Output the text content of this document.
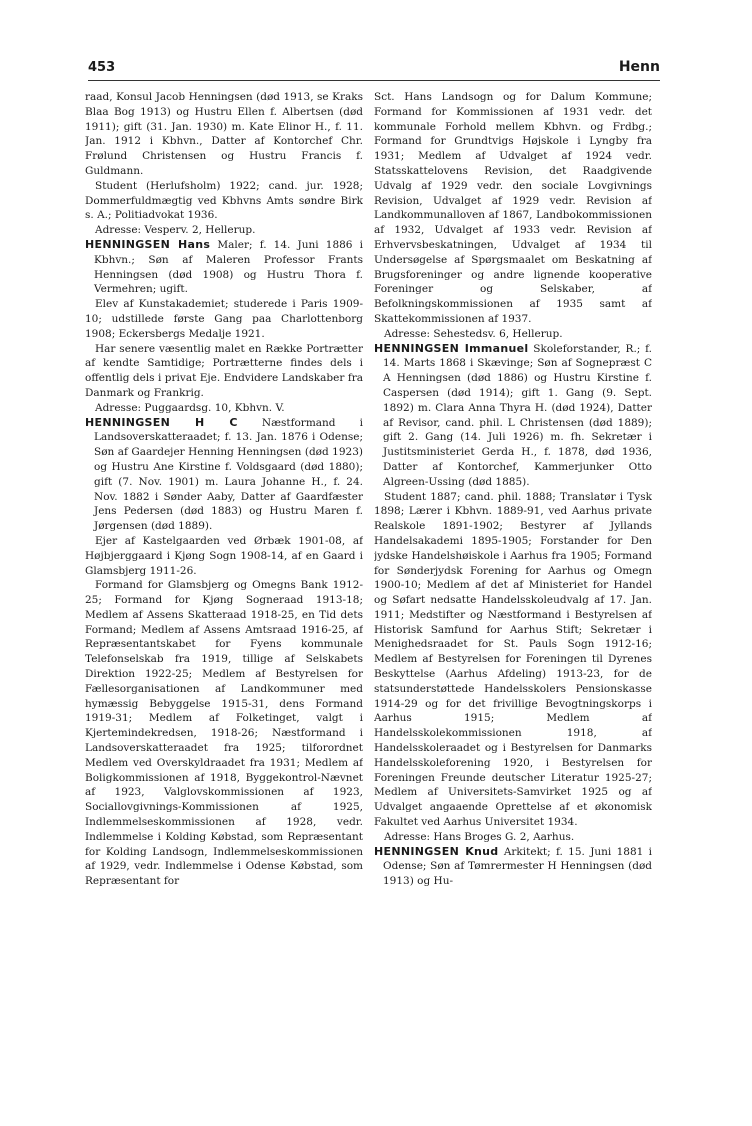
453	Henn

raad, Konsul Jacob Henningsen (død 1913, se Kraks Blaa Bog 1913) og Hustru Ellen f. Albertsen (død 1911); gift (31. Jan. 1930) m. Kate Elinor H., f. 11. Jan. 1912 i Kbhvn., Datter af Kontorchef Chr. Frølund Christensen og Hustru Francis f. Guldmann.

Student (Herlufsholm) 1922; cand. jur. 1928; Dommerfuldmægtig ved Kbhvns Amts søndre Birk s. A.; Politiadvokat 1936.

Adresse: Vesperv. 2, Hellerup.

HENNINGSEN Hans Maler; f. 14. Juni 1886 i Kbhvn.; Søn af Maleren Professor Frants Henningsen (død 1908) og Hustru Thora f. Vermehren; ugift.

Elev af Kunstakademiet; studerede i Paris 1909-10; udstillede første Gang paa Charlottenborg 1908; Eckersbergs Medalje 1921.

Har senere væsentlig malet en Række Portrætter af kendte Samtidige; Portrætterne findes dels i offentlig dels i privat Eje. Endvidere Landskaber fra Danmark og Frankrig.

Adresse: Puggaardsg. 10, Kbhvn. V.

HENNINGSEN H C Næstformand i Landsoverskatteraadet; f. 13. Jan. 1876 i Odense; Søn af Gaardejer Henning Henningsen (død 1923) og Hustru Ane Kirstine f. Voldsgaard (død 1880); gift (7. Nov. 1901) m. Laura Johanne H., f. 24. Nov. 1882 i Sønder Aaby, Datter af Gaardfæster Jens Pedersen (død 1883) og Hustru Maren f. Jørgensen (død 1889).

Ejer af Kastelgaarden ved Ørbæk 1901-08, af Højbjerggaard i Kjøng Sogn 1908-14, af en Gaard i Glamsbjerg 1911-26.

Formand for Glamsbjerg og Omegns Bank 1912-25; Formand for Kjøng Sogneraad 1913-18; Medlem af Assens Skatteraad 1918-25, en Tid dets Formand; Medlem af Assens Amtsraad 1916-25, af Repræsentantskabet for Fyens kommunale Telefonselskab fra 1919, tillige af Selskabets Direktion 1922-25; Medlem af Bestyrelsen for Fællesorganisationen af Landkommuner med hymæssig Bebyggelse 1915-31, dens Formand 1919-31; Medlem af Folketinget, valgt i Kjertemindekredsen, 1918-26; Næstformand i Landsoverskatteraadet fra 1925; tilforordnet Medlem ved Overskyldraadet fra 1931; Medlem af Boligkommissionen af 1918, Byggekontrol-Nævnet af 1923, Valglovskommissionen af 1923, Sociallovgivnings-Kommissionen af 1925, Indlemmelseskommissionen af 1928, vedr. Indlemmelse i Kolding Købstad, som Repræsentant for Kolding Landsogn, Indlemmelseskommissionen af 1929, vedr. Indlemmelse i Odense Købstad, som Repræsentant for

Sct. Hans Landsogn og for Dalum Kommune; Formand for Kommissionen af 1931 vedr. det kommunale Forhold mellem Kbhvn. og Frdbg.; Formand for Grundtvigs Højskole i Lyngby fra 1931; Medlem af Udvalget af 1924 vedr. Statsskattelovens Revision, det Raadgivende Udvalg af 1929 vedr. den sociale Lovgivnings Revision, Udvalget af 1929 vedr. Revision af Landkommunalloven af 1867, Landbokommissionen af 1932, Udvalget af 1933 vedr. Revision af Erhvervsbeskatningen, Udvalget af 1934 til Undersøgelse af Spørgsmaalet om Beskatning af Brugsforeninger og andre lignende kooperative Foreninger og Selskaber, af Befolkningskommissionen af 1935 samt af Skattekommissionen af 1937.

Adresse: Sehestedsv. 6, Hellerup.

HENNINGSEN Immanuel Skoleforstander, R.; f. 14. Marts 1868 i Skævinge; Søn af Sognepræst C A Henningsen (død 1886) og Hustru Kirstine f. Caspersen (død 1914); gift 1. Gang (9. Sept. 1892) m. Clara Anna Thyra H. (død 1924), Datter af Revisor, cand. phil. L Christensen (død 1889); gift 2. Gang (14. Juli 1926) m. fh. Sekretær i Justitsministeriet Gerda H., f. 1878, død 1936, Datter af Kontorchef, Kammerjunker Otto Algreen-Ussing (død 1885).

Student 1887; cand. phil. 1888; Translatør i Tysk 1898; Lærer i Kbhvn. 1889-91, ved Aarhus private Realskole 1891-1902; Bestyrer af Jyllands Handelsakademi 1895-1905; Forstander for Den jydske Handelshøiskole i Aarhus fra 1905; Formand for Sønderjydsk Forening for Aarhus og Omegn 1900-10; Medlem af det af Ministeriet for Handel og Søfart nedsatte Handelsskoleudvalg af 17. Jan. 1911; Medstifter og Næstformand i Bestyrelsen af Historisk Samfund for Aarhus Stift; Sekretær i Menighedsraadet for St. Pauls Sogn 1912-16; Medlem af Bestyrelsen for Foreningen til Dyrenes Beskyttelse (Aarhus Afdeling) 1913-23, for de statsunderstøttede Handelsskolers Pensionskasse 1914-29 og for det frivillige Bevogtningskorps i Aarhus 1915; Medlem af Handelsskolekommissionen 1918, af Handelsskoleraadet og i Bestyrelsen for Danmarks Handelsskoleforening 1920, i Bestyrelsen for Foreningen Freunde deutscher Literatur 1925-27; Medlem af Universitets-Samvirket 1925 og af Udvalget angaaende Oprettelse af et økonomisk Fakultet ved Aarhus Universitet 1934.

Adresse: Hans Broges G. 2, Aarhus.

HENNINGSEN Knud Arkitekt; f. 15. Juni 1881 i Odense; Søn af Tømrermester H Henningsen (død 1913) og Hu-
